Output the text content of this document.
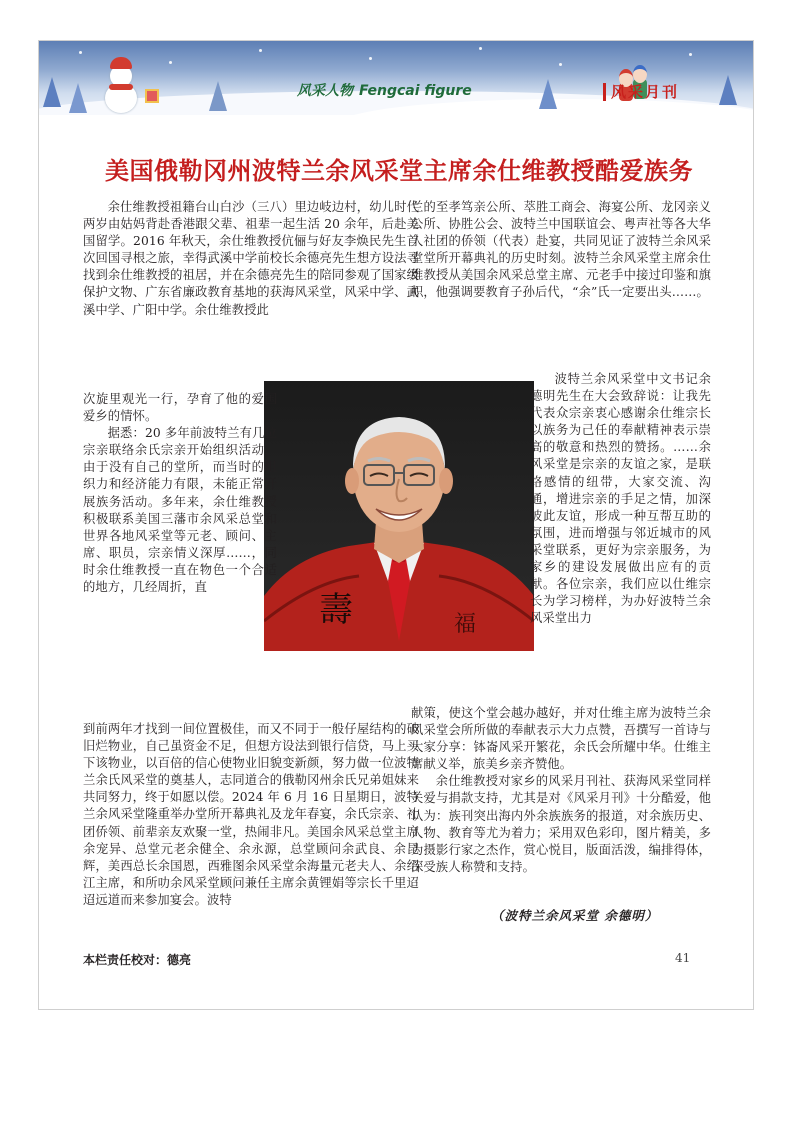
风采人物 Fengcai figure	风采月刊
美国俄勒冈州波特兰余风采堂主席余仕维教授酷爱族务
余仕维教授祖籍台山白沙（三八）里边岐边村，幼儿时代两岁由姑妈背赴香港跟父辈、祖辈一起生活 20 余年，后赴美国留学。2016 年秋天，余仕维教授伉俪与好友李焕民先生首次回国寻根之旅，幸得武溪中学前校长余德亮先生想方设法寻找到余仕维教授的祖居，并在余德亮先生的陪同参观了国家级保护文物、广东省廉政教育基地的获海风采堂，风采中学、武溪中学、广阳中学。余仕维教授此
壽	福
次旋里观光一行，孕育了他的爱国爱乡的情怀。
据悉：20 多年前波特兰有几位宗亲联络余氏宗亲开始组织活动，由于没有自己的堂所，而当时的组织力和经济能力有限，未能正常开展族务活动。多年来，余仕维教授积极联系美国三藩市余风采总堂和世界各地风采堂等元老、顾问、主席、职员，宗亲情义深厚……，同时余仕维教授一直在物色一个合适的地方，几经周折，直
到前两年才找到一间位置极佳，而又不同于一般仔屋结构的破旧烂物业，自己虽资金不足，但想方设法到银行信贷，马上买下该物业，以百倍的信心使物业旧貌变新颜，努力做一位波特兰余氏风采堂的奠基人，志同道合的俄勒冈州余氏兄弟姐妹来共同努力，终于如愿以偿。2024 年 6 月 16 日星期日，波特兰余风采堂隆重举办堂所开幕典礼及龙年春宴，余氏宗亲、社团侨领、前辈亲友欢聚一堂，热闹非凡。美国余风采总堂主席余宠异、总堂元老余健全、余永源，总堂顾问余武良、余昆辉，美西总长余国恩，西雅图余风采堂余海量元老夫人、余绍江主席，和所叻余风采堂顾问兼任主席余黄锂娟等宗长千里迢迢远道而来参加宴会。波特
兰的至孝笃亲公所、萃胜工商会、海宴公所、龙冈亲义公所、协胜公会、波特兰中国联谊会、粤声社等各大华人社团的侨领（代表）赴宴，共同见证了波特兰余风采堂堂所开幕典礼的历史时刻。波特兰余风采堂主席余仕维教授从美国余风采总堂主席、元老手中接过印鉴和旗帜，他强调要教育子孙后代，“余”氏一定要出头……。
波特兰余风采堂中文书记余德明先生在大会致辞说：让我先代表众宗亲衷心感谢余仕维宗长以族务为己任的奉献精神表示崇高的敬意和热烈的赞扬。……余风采堂是宗亲的友谊之家，是联络感情的纽带，大家交流、沟通，增进宗亲的手足之情，加深彼此友谊，形成一种互帮互助的氛围，进而增强与邻近城市的风采堂联系，更好为宗亲服务，为家乡的建设发展做出应有的贡献。各位宗亲，我们应以仕维宗长为学习榜样，为办好波特兰余风采堂出力
献策，使这个堂会越办越好，并对仕维主席为波特兰余风采堂会所所做的奉献表示大力点赞，吾撰写一首诗与大家分享：钵崙风采开繁花，余氏会所耀中华。仕维主席献义举，旅美乡亲齐赞他。
余仕维教授对家乡的风采月刊社、获海风采堂同样关爱与捐款支持，尤其是对《风采月刊》十分酷爱，他认为：族刊突出海内外余族族务的报道，对余族历史、人物、教育等尤为着力；采用双色彩印，图片精美，多为摄影行家之杰作，赏心悦目，版面活泼，编排得体，深受族人称赞和支持。
（波特兰余风采堂 余德明）
本栏责任校对：德亮	41
